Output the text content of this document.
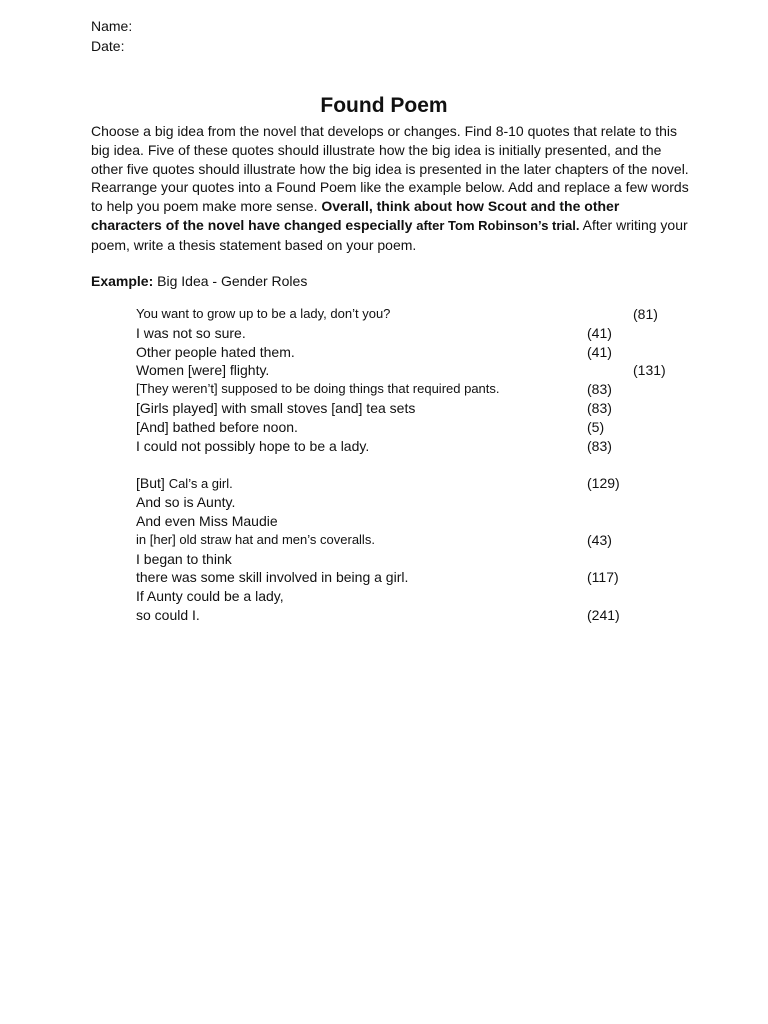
Name:
Date:
Found Poem
Choose a big idea from the novel that develops or changes. Find 8-10 quotes that relate to this big idea. Five of these quotes should illustrate how the big idea is initially presented, and the other five quotes should illustrate how the big idea is presented in the later chapters of the novel. Rearrange your quotes into a Found Poem like the example below. Add and replace a few words to help you poem make more sense. Overall, think about how Scout and the other characters of the novel have changed especially after Tom Robinson’s trial. After writing your poem, write a thesis statement based on your poem.
Example: Big Idea - Gender Roles
You want to grow up to be a lady, don’t you?	(81)
I was not so sure.	(41)
Other people hated them.	(41)
Women [were] flighty.	(131)
[They weren’t] supposed to be doing things that required pants.	(83)
[Girls played] with small stoves [and] tea sets	(83)
[And] bathed before noon.	(5)
I could not possibly hope to be a lady.	(83)
[But] Cal’s a girl.	(129)
And so is Aunty.
And even Miss Maudie
in [her] old straw hat and men’s coveralls.	(43)
I began to think
there was some skill involved in being a girl.	(117)
If Aunty could be a lady,
so could I.	(241)
